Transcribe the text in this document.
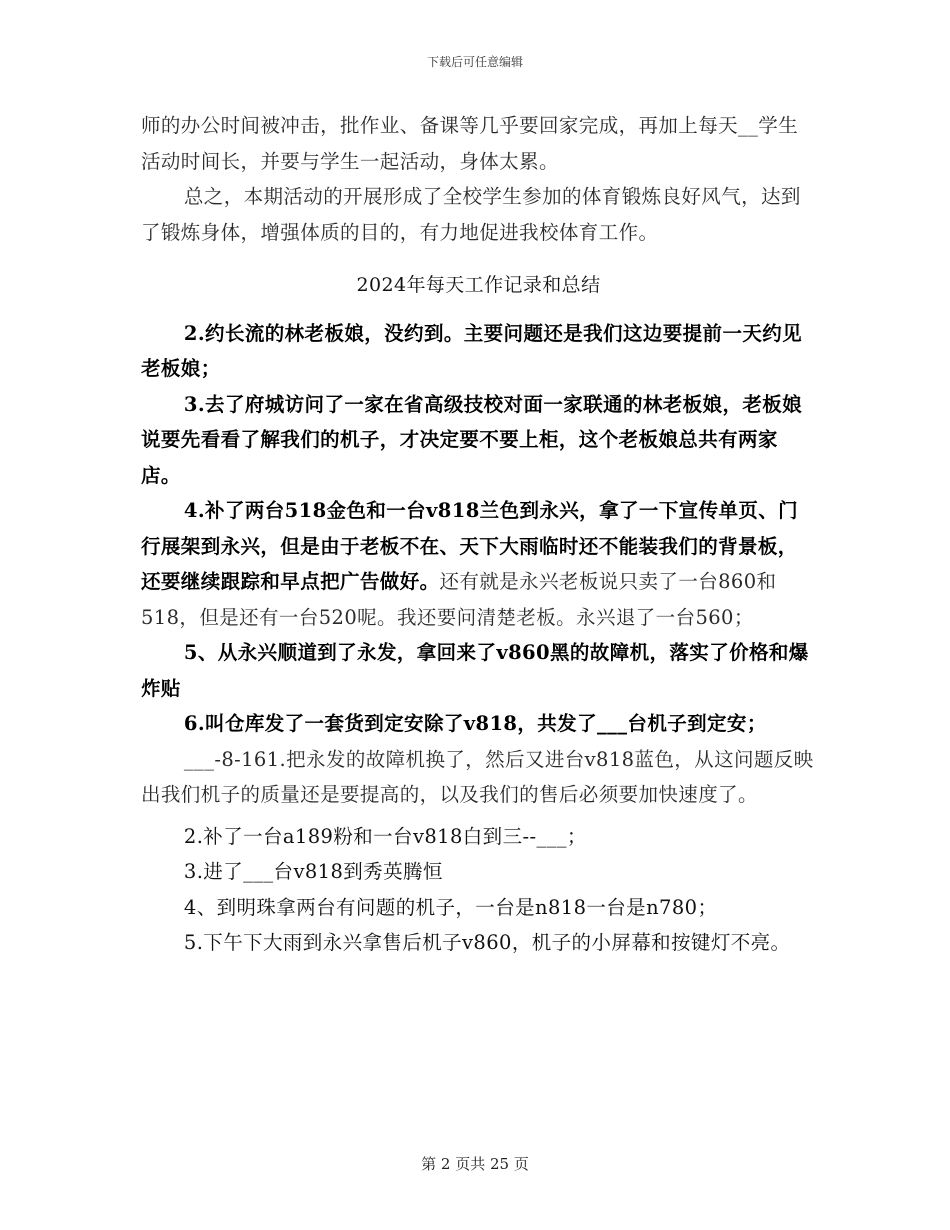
下载后可任意编辑

师的办公时间被冲击，批作业、备课等几乎要回家完成，再加上每天__学生活动时间长，并要与学生一起活动，身体太累。

总之，本期活动的开展形成了全校学生参加的体育锻炼良好风气，达到了锻炼身体，增强体质的目的，有力地促进我校体育工作。

2024年每天工作记录和总结

2.约长流的林老板娘，没约到。主要问题还是我们这边要提前一天约见老板娘；

3.去了府城访问了一家在省高级技校对面一家联通的林老板娘，老板娘说要先看看了解我们的机子，才决定要不要上柜，这个老板娘总共有两家店。

4.补了两台518金色和一台v818兰色到永兴，拿了一下宣传单页、门行展架到永兴，但是由于老板不在、天下大雨临时还不能装我们的背景板，还要继续跟踪和早点把广告做好。还有就是永兴老板说只卖了一台860和518，但是还有一台520呢。我还要问清楚老板。永兴退了一台560；

5、从永兴顺道到了永发，拿回来了v860黑的故障机，落实了价格和爆炸贴

6.叫仓库发了一套货到定安除了v818，共发了___台机子到定安；

___-8-161.把永发的故障机换了，然后又进台v818蓝色，从这问题反映出我们机子的质量还是要提高的，以及我们的售后必须要加快速度了。

2.补了一台a189粉和一台v818白到三--___；

3.进了___台v818到秀英腾恒

4、到明珠拿两台有问题的机子，一台是n818一台是n780；

5.下午下大雨到永兴拿售后机子v860，机子的小屏幕和按键灯不亮。

第 2 页共 25 页
